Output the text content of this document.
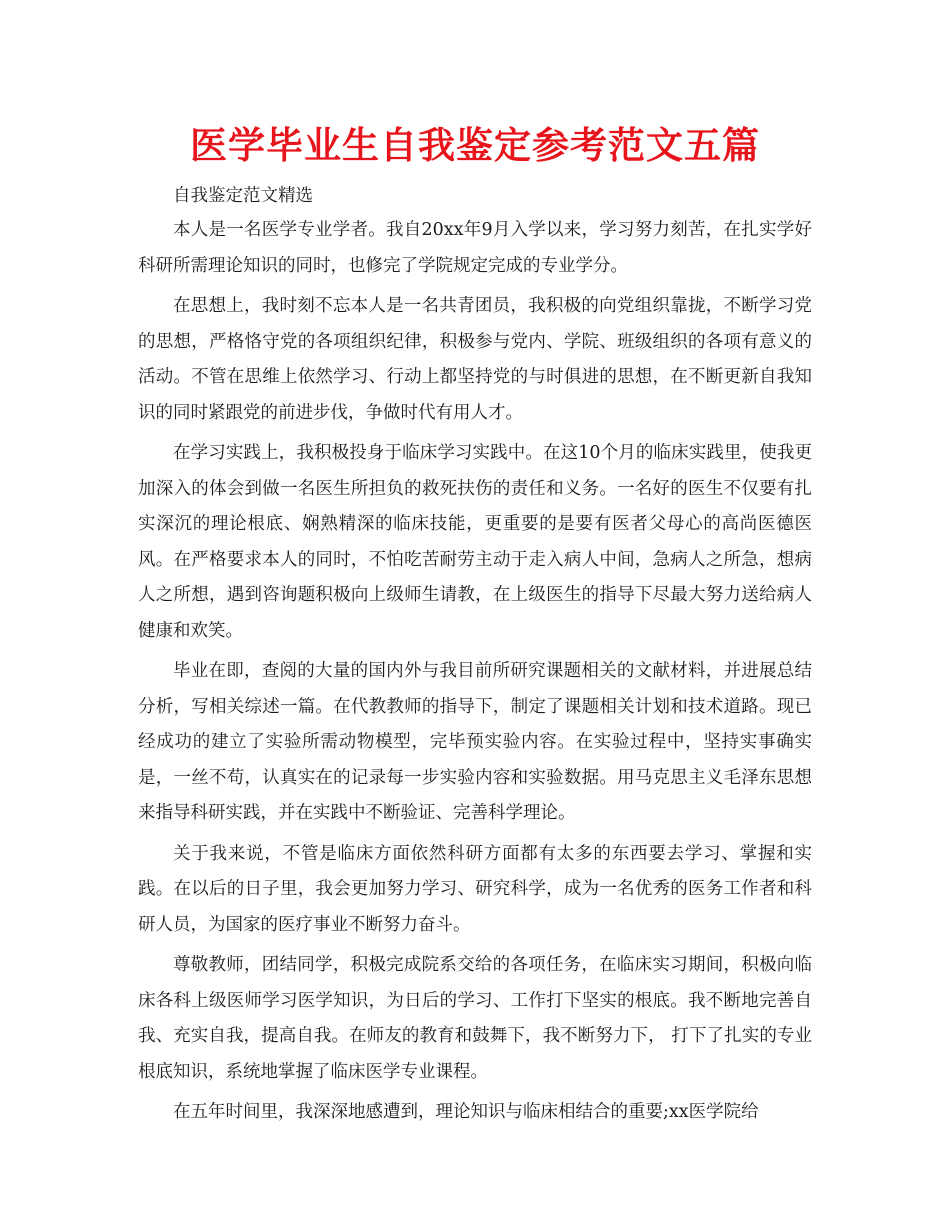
医学毕业生自我鉴定参考范文五篇

自我鉴定范文精选

本人是一名医学专业学者。我自20xx年9月入学以来，学习努力刻苦，在扎实学好科研所需理论知识的同时，也修完了学院规定完成的专业学分。

在思想上，我时刻不忘本人是一名共青团员，我积极的向党组织靠拢，不断学习党的思想，严格恪守党的各项组织纪律，积极参与党内、学院、班级组织的各项有意义的活动。不管在思维上依然学习、行动上都坚持党的与时俱进的思想，在不断更新自我知识的同时紧跟党的前进步伐，争做时代有用人才。

在学习实践上，我积极投身于临床学习实践中。在这10个月的临床实践里，使我更加深入的体会到做一名医生所担负的救死扶伤的责任和义务。一名好的医生不仅要有扎实深沉的理论根底、娴熟精深的临床技能，更重要的是要有医者父母心的高尚医德医风。在严格要求本人的同时，不怕吃苦耐劳主动于走入病人中间，急病人之所急，想病人之所想，遇到咨询题积极向上级师生请教，在上级医生的指导下尽最大努力送给病人健康和欢笑。

毕业在即，查阅的大量的国内外与我目前所研究课题相关的文献材料，并进展总结分析，写相关综述一篇。在代教教师的指导下，制定了课题相关计划和技术道路。现已经成功的建立了实验所需动物模型，完毕预实验内容。在实验过程中，坚持实事确实是，一丝不苟，认真实在的记录每一步实验内容和实验数据。用马克思主义毛泽东思想来指导科研实践，并在实践中不断验证、完善科学理论。

关于我来说，不管是临床方面依然科研方面都有太多的东西要去学习、掌握和实践。在以后的日子里，我会更加努力学习、研究科学，成为一名优秀的医务工作者和科研人员，为国家的医疗事业不断努力奋斗。

尊敬教师，团结同学，积极完成院系交给的各项任务，在临床实习期间，积极向临床各科上级医师学习医学知识，为日后的学习、工作打下坚实的根底。我不断地完善自我、充实自我，提高自我。在师友的教育和鼓舞下，我不断努力下， 打下了扎实的专业根底知识，系统地掌握了临床医学专业课程。

在五年时间里，我深深地感遭到，理论知识与临床相结合的重要;xx医学院给
